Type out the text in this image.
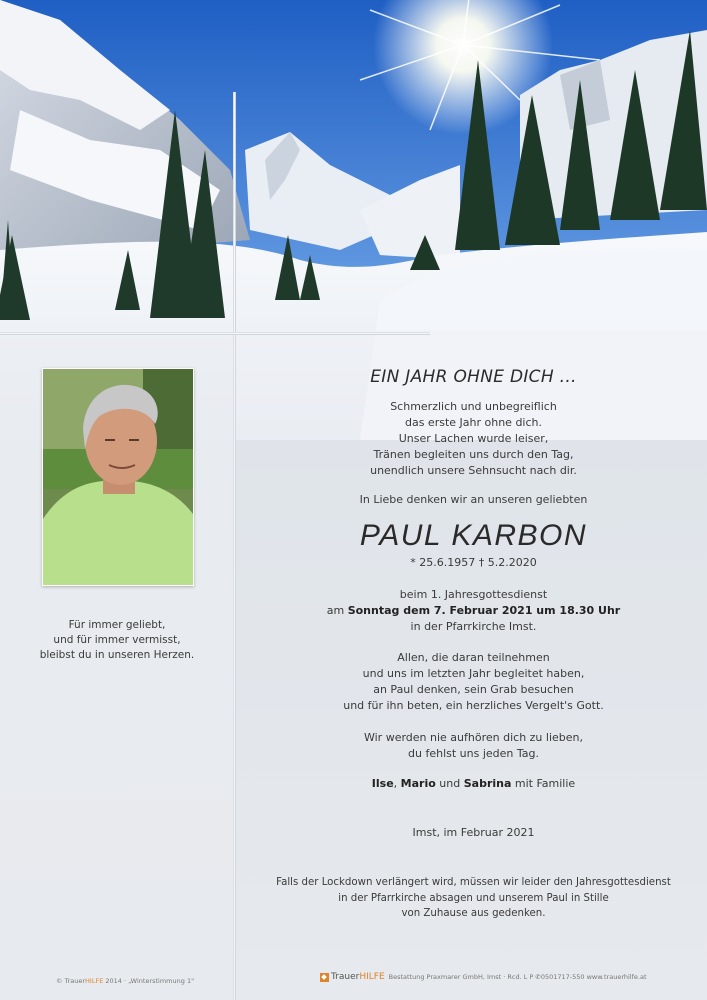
Für immer geliebt,
und für immer vermisst,
bleibst du in unseren Herzen.
EIN JAHR OHNE DICH ...
Schmerzlich und unbegreiflich
das erste Jahr ohne dich.
Unser Lachen wurde leiser,
Tränen begleiten uns durch den Tag,
unendlich unsere Sehnsucht nach dir.
In Liebe denken wir an unseren geliebten
PAUL KARBON
* 25.6.1957 † 5.2.2020
beim 1. Jahresgottesdienst
am Sonntag dem 7. Februar 2021 um 18.30 Uhr
in der Pfarrkirche Imst.
Allen, die daran teilnehmen
und uns im letzten Jahr begleitet haben,
an Paul denken, sein Grab besuchen
und für ihn beten, ein herzliches Vergelt's Gott.
Wir werden nie aufhören dich zu lieben,
du fehlst uns jeden Tag.
Ilse, Mario und Sabrina mit Familie
Imst, im Februar 2021
Falls der Lockdown verlängert wird, müssen wir leider den Jahresgottesdienst
in der Pfarrkirche absagen und unserem Paul in Stille
von Zuhause aus gedenken.
© TrauerHILFE 2014 · „Winterstimmung 1"	TrauerHILFE Bestattung Praxmarer GmbH, Imst · Rcd. L P ✆0501717-550 www.trauerhilfe.at
